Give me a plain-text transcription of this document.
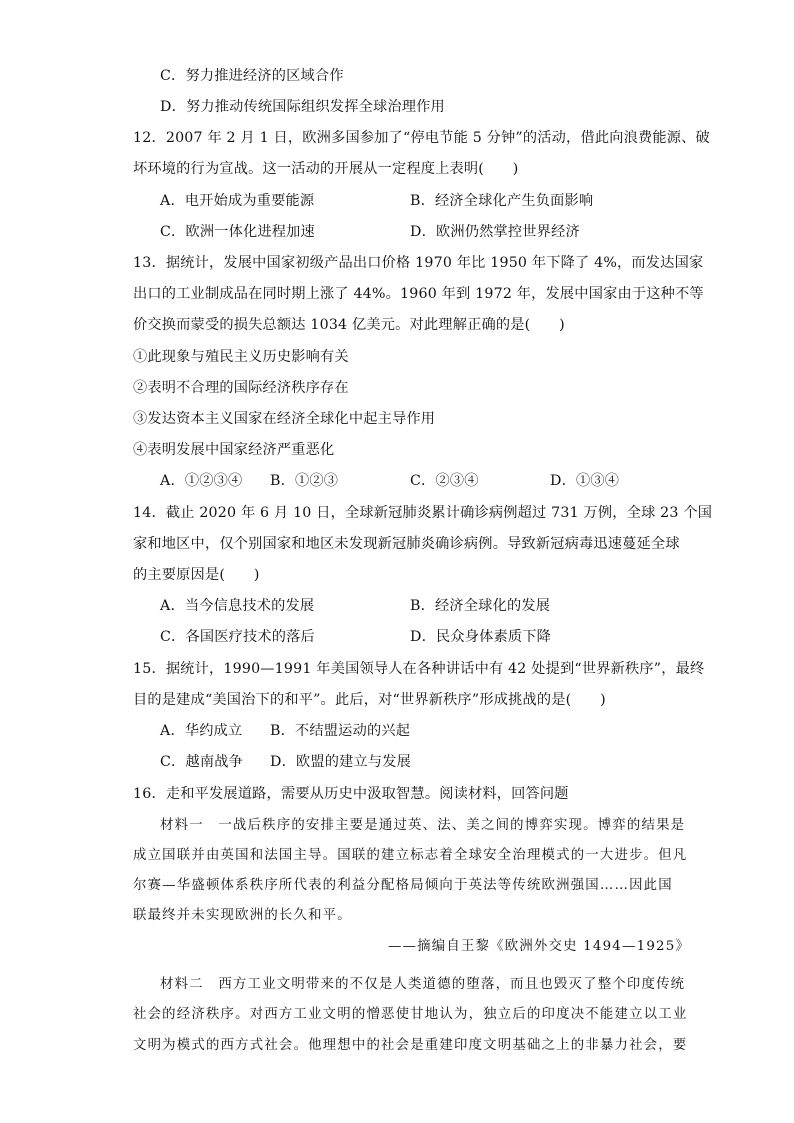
C．努力推进经济的区域合作
D．努力推动传统国际组织发挥全球治理作用
12．2007 年 2 月 1 日，欧洲多国参加了“停电节能 5 分钟”的活动，借此向浪费能源、破
坏环境的行为宣战。这一活动的开展从一定程度上表明(　　)
A．电开始成为重要能源	B．经济全球化产生负面影响
C．欧洲一体化进程加速	D．欧洲仍然掌控世界经济
13．据统计，发展中国家初级产品出口价格 1970 年比 1950 年下降了 4%，而发达国家
出口的工业制成品在同时期上涨了 44%。1960 年到 1972 年，发展中国家由于这种不等
价交换而蒙受的损失总额达 1034 亿美元。对此理解正确的是(　　)
①此现象与殖民主义历史影响有关
②表明不合理的国际经济秩序存在
③发达资本主义国家在经济全球化中起主导作用
④表明发展中国家经济严重恶化
A．①②③④ B．①②③	C．②③④	D．①③④
14．截止 2020 年 6 月 10 日，全球新冠肺炎累计确诊病例超过 731 万例，全球 23 个国
家和地区中，仅个别国家和地区未发现新冠肺炎确诊病例。导致新冠病毒迅速蔓延全球
的主要原因是(　　)
A．当今信息技术的发展	B．经济全球化的发展
C．各国医疗技术的落后	D．民众身体素质下降
15．据统计，1990—1991 年美国领导人在各种讲话中有 42 处提到“世界新秩序”，最终
目的是建成“美国治下的和平”。此后，对“世界新秩序”形成挑战的是(　　)
A．华约成立 B．不结盟运动的兴起
C．越南战争 D．欧盟的建立与发展
16．走和平发展道路，需要从历史中汲取智慧。阅读材料，回答问题
材料一　一战后秩序的安排主要是通过英、法、美之间的博弈实现。博弈的结果是
成立国联并由英国和法国主导。国联的建立标志着全球安全治理模式的一大进步。但凡
尔赛—华盛顿体系秩序所代表的利益分配格局倾向于英法等传统欧洲强国……因此国
联最终并未实现欧洲的长久和平。
——摘编自王黎《欧洲外交史 1494—1925》
材料二　西方工业文明带来的不仅是人类道德的堕落，而且也毁灭了整个印度传统
社会的经济秩序。对西方工业文明的憎恶使甘地认为，独立后的印度决不能建立以工业
文明为模式的西方式社会。他理想中的社会是重建印度文明基础之上的非暴力社会，要
